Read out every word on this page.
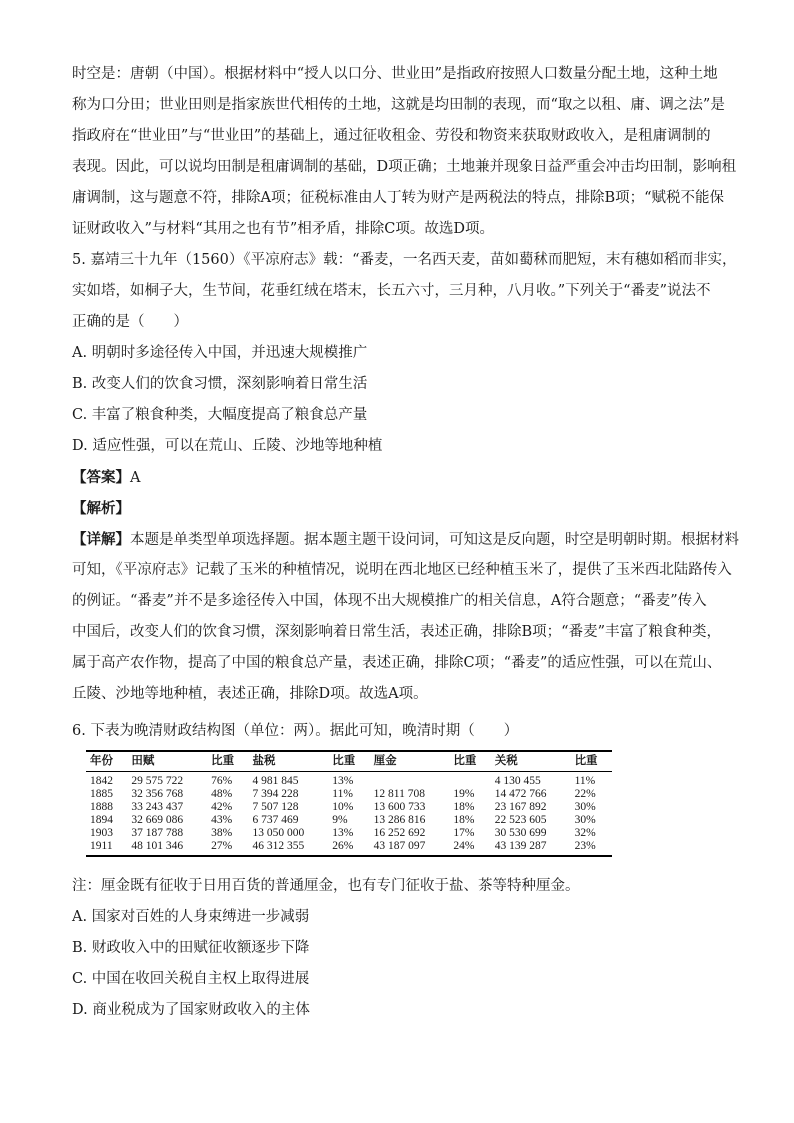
时空是：唐朝（中国）。根据材料中“授人以口分、世业田”是指政府按照人口数量分配土地，这种土地
称为口分田；世业田则是指家族世代相传的土地，这就是均田制的表现，而“取之以租、庸、调之法”是
指政府在“世业田”与“世业田”的基础上，通过征收租金、劳役和物资来获取财政收入，是租庸调制的
表现。因此，可以说均田制是租庸调制的基础，D项正确；土地兼并现象日益严重会冲击均田制，影响租
庸调制，这与题意不符，排除A项；征税标准由人丁转为财产是两税法的特点，排除B项；“赋税不能保
证财政收入”与材料“其用之也有节”相矛盾，排除C项。故选D项。
5. 嘉靖三十九年（1560）《平凉府志》载：“番麦，一名西天麦，苗如薥秫而肥短，末有穗如稻而非实，
实如塔，如桐子大，生节间，花垂红绒在塔末，长五六寸，三月种，八月收。”下列关于“番麦”说法不
正确的是（　　）
A. 明朝时多途径传入中国，并迅速大规模推广
B. 改变人们的饮食习惯，深刻影响着日常生活
C. 丰富了粮食种类，大幅度提高了粮食总产量
D. 适应性强，可以在荒山、丘陵、沙地等地种植
【答案】A
【解析】
【详解】本题是单类型单项选择题。据本题主题干设问词，可知这是反向题，时空是明朝时期。根据材料
可知，《平凉府志》记载了玉米的种植情况，说明在西北地区已经种植玉米了，提供了玉米西北陆路传入
的例证。“番麦”并不是多途径传入中国，体现不出大规模推广的相关信息，A符合题意；“番麦”传入
中国后，改变人们的饮食习惯，深刻影响着日常生活，表述正确，排除B项；“番麦”丰富了粮食种类，
属于高产农作物，提高了中国的粮食总产量，表述正确，排除C项；“番麦”的适应性强，可以在荒山、
丘陵、沙地等地种植，表述正确，排除D项。故选A项。
6. 下表为晚清财政结构图（单位：两）。据此可知，晚清时期（　　）
年份	田赋	比重	盐税	比重	厘金	比重	关税	比重
1842	29 575 722	76%	4 981 845	13%			4 130 455	11%
1885	32 356 768	48%	7 394 228	11%	12 811 708	19%	14 472 766	22%
1888	33 243 437	42%	7 507 128	10%	13 600 733	18%	23 167 892	30%
1894	32 669 086	43%	6 737 469	9%	13 286 816	18%	22 523 605	30%
1903	37 187 788	38%	13 050 000	13%	16 252 692	17%	30 530 699	32%
1911	48 101 346	27%	46 312 355	26%	43 187 097	24%	43 139 287	23%
注：厘金既有征收于日用百货的普通厘金，也有专门征收于盐、茶等特种厘金。
A. 国家对百姓的人身束缚进一步减弱
B. 财政收入中的田赋征收额逐步下降
C. 中国在收回关税自主权上取得进展
D. 商业税成为了国家财政收入的主体
